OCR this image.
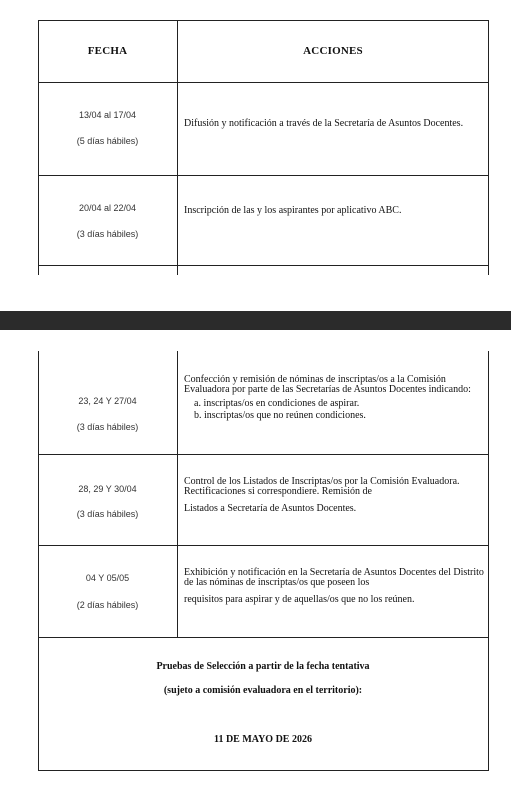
FECHA	ACCIONES
13/04 al 17/04
(5 días hábiles)
Difusión y notificación a través de la Secretaría de Asuntos Docentes.
20/04 al 22/04
(3 días hábiles)
Inscripción de las y los aspirantes por aplicativo ABC.
23, 24 Y 27/04
(3 días hábiles)

Confección y remisión de nóminas de inscriptas/os a la Comisión Evaluadora por parte de las Secretarías de Asuntos Docentes indicando:

a. inscriptas/os en condiciones de aspirar.
b. inscriptas/os que no reúnen condiciones.
28, 29 Y 30/04
(3 días hábiles)

Control de los Listados de Inscriptas/os por la Comisión Evaluadora. Rectificaciones si correspondiere. Remisión de

Listados a Secretaría de Asuntos Docentes.

04 Y 05/05
(2 días hábiles)

Exhibición y notificación en la Secretaría de Asuntos Docentes del Distrito de las nóminas de inscriptas/os que poseen los

requisitos para aspirar y de aquellas/os que no los reúnen.

Pruebas de Selección a partir de la fecha tentativa
(sujeto a comisión evaluadora en el territorio):
11 DE MAYO DE 2026
